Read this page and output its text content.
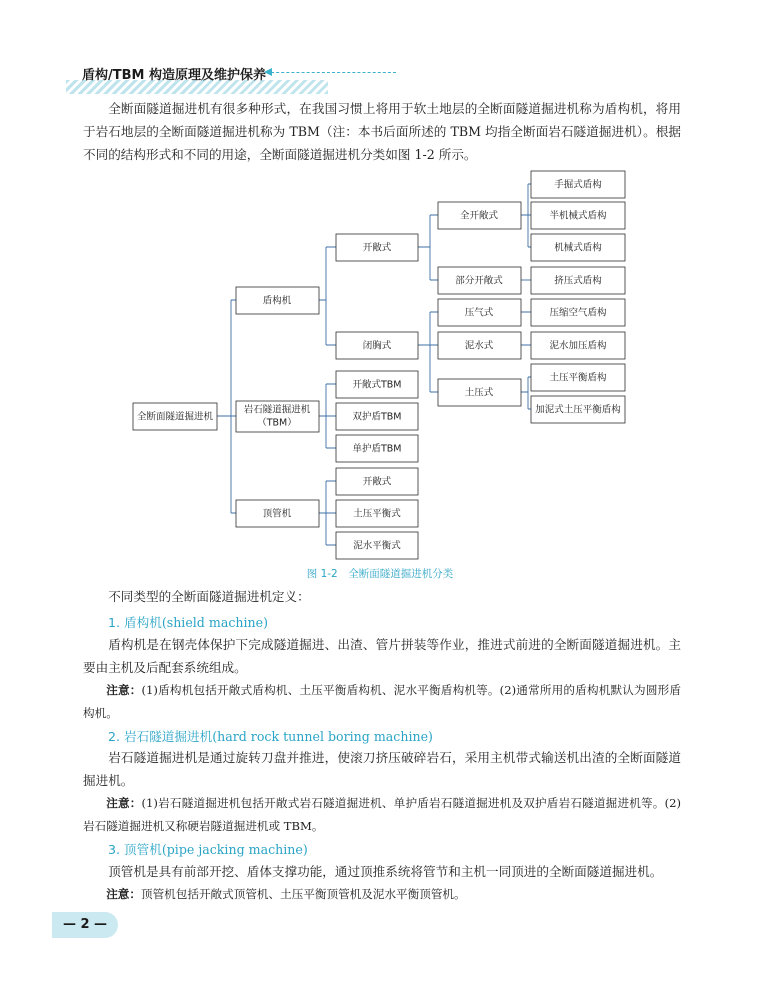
盾构/TBM 构造原理及维护保养

全断面隧道掘进机有很多种形式，在我国习惯上将用于软土地层的全断面隧道掘进机称为盾构机，将用于岩石地层的全断面隧道掘进机称为 TBM（注：本书后面所述的 TBM 均指全断面岩石隧道掘进机）。根据不同的结构形式和不同的用途，全断面隧道掘进机分类如图 1-2 所示。

全断面隧道掘进机
盾构机
岩石隧道掘进机
（TBM）
顶管机
开敞式
闭胸式
全开敞式
部分开敞式
压气式
泥水式
土压式
手掘式盾构
半机械式盾构
机械式盾构
挤压式盾构
压缩空气盾构
泥水加压盾构
土压平衡盾构
加泥式土压平衡盾构
开敞式TBM
双护盾TBM
单护盾TBM
开敞式
土压平衡式
泥水平衡式
图 1-2　全断面隧道掘进机分类

不同类型的全断面隧道掘进机定义：

1. 盾构机(shield machine)

盾构机是在钢壳体保护下完成隧道掘进、出渣、管片拼装等作业，推进式前进的全断面隧道掘进机。主要由主机及后配套系统组成。

注意：(1)盾构机包括开敞式盾构机、土压平衡盾构机、泥水平衡盾构机等。(2)通常所用的盾构机默认为圆形盾构机。

2. 岩石隧道掘进机(hard rock tunnel boring machine)

岩石隧道掘进机是通过旋转刀盘并推进，使滚刀挤压破碎岩石，采用主机带式输送机出渣的全断面隧道掘进机。

注意：(1)岩石隧道掘进机包括开敞式岩石隧道掘进机、单护盾岩石隧道掘进机及双护盾岩石隧道掘进机等。(2)岩石隧道掘进机又称硬岩隧道掘进机或 TBM。

3. 顶管机(pipe jacking machine)

顶管机是具有前部开挖、盾体支撑功能，通过顶推系统将管节和主机一同顶进的全断面隧道掘进机。

注意：顶管机包括开敞式顶管机、土压平衡顶管机及泥水平衡顶管机。

— 2 —
